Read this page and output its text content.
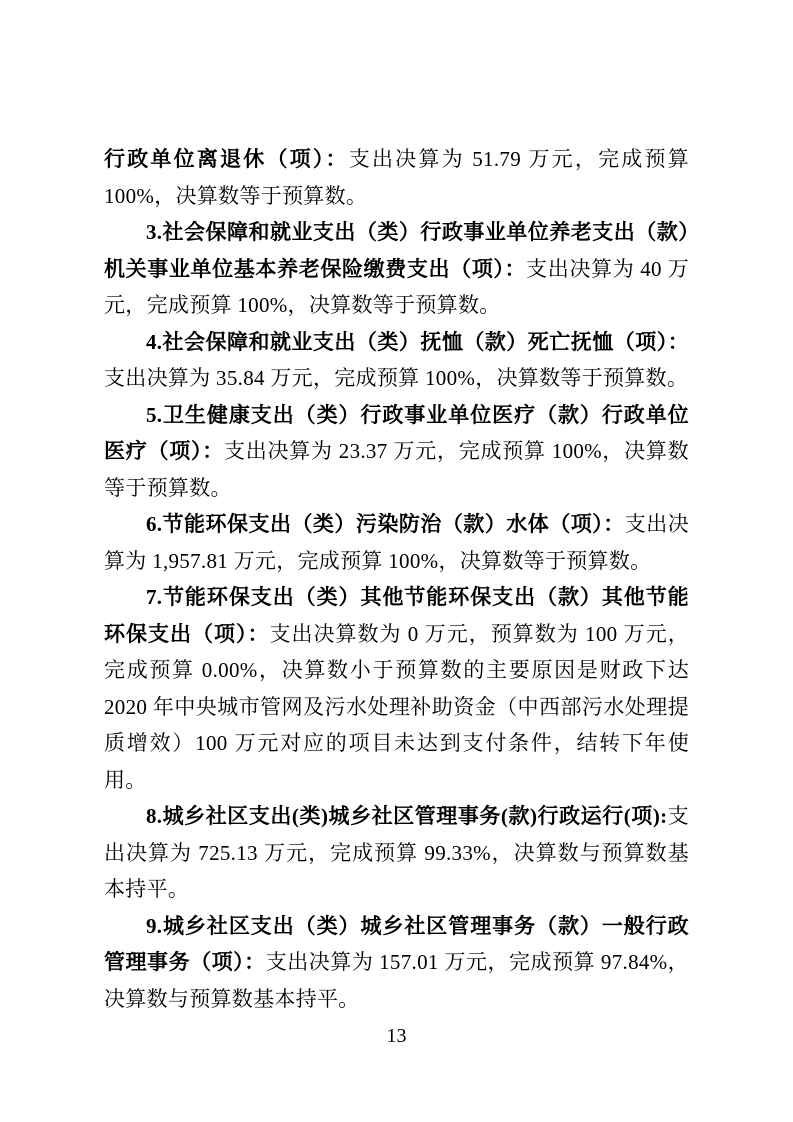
行政单位离退休（项）：支出决算为 51.79 万元，完成预算 100%，决算数等于预算数。

3.社会保障和就业支出（类）行政事业单位养老支出（款）机关事业单位基本养老保险缴费支出（项）：支出决算为 40 万元，完成预算 100%，决算数等于预算数。

4.社会保障和就业支出（类）抚恤（款）死亡抚恤（项）：支出决算为 35.84 万元，完成预算 100%，决算数等于预算数。

5.卫生健康支出（类）行政事业单位医疗（款）行政单位医疗（项）：支出决算为 23.37 万元，完成预算 100%，决算数等于预算数。

6.节能环保支出（类）污染防治（款）水体（项）：支出决算为 1,957.81 万元，完成预算 100%，决算数等于预算数。

7.节能环保支出（类）其他节能环保支出（款）其他节能环保支出（项）：支出决算数为 0 万元，预算数为 100 万元，完成预算 0.00%，决算数小于预算数的主要原因是财政下达 2020 年中央城市管网及污水处理补助资金（中西部污水处理提质增效）100 万元对应的项目未达到支付条件，结转下年使用。

8.城乡社区支出(类)城乡社区管理事务(款)行政运行(项):支出决算为 725.13 万元，完成预算 99.33%，决算数与预算数基本持平。

9.城乡社区支出（类）城乡社区管理事务（款）一般行政管理事务（项）：支出决算为 157.01 万元，完成预算 97.84%，决算数与预算数基本持平。

13
